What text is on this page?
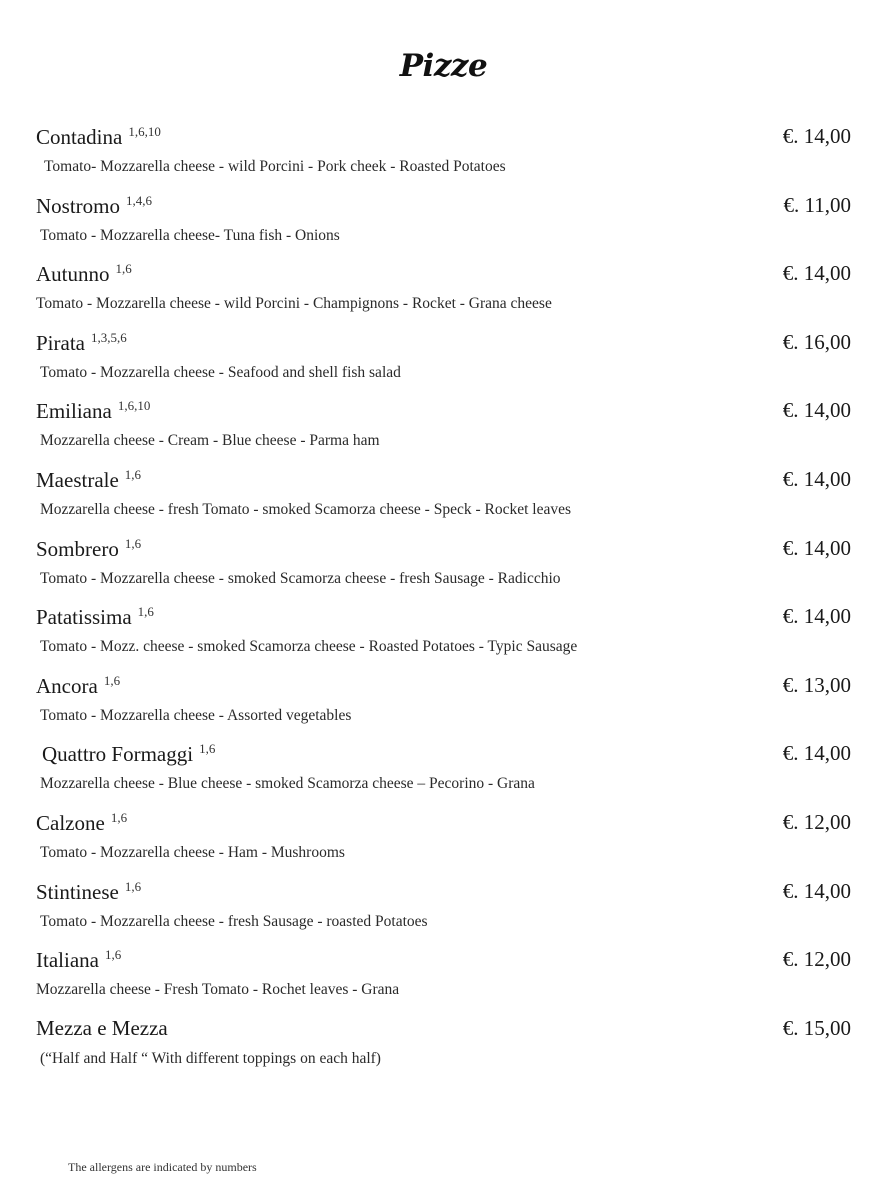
Pizze
Contadina $^{1,6,10}$	€. 14,00
Tomato- Mozzarella cheese - wild Porcini - Pork cheek - Roasted Potatoes
Nostromo $^{1,4,6}$	€. 11,00
Tomato - Mozzarella cheese- Tuna fish - Onions
Autunno $^{1,6}$	€. 14,00
Tomato - Mozzarella cheese - wild Porcini - Champignons - Rocket - Grana cheese
Pirata $^{1,3,5,6}$	€. 16,00
Tomato - Mozzarella cheese - Seafood and shell fish salad
Emiliana $^{1,6,10}$	€. 14,00
Mozzarella cheese - Cream - Blue cheese - Parma ham
Maestrale $^{1,6}$	€. 14,00
Mozzarella cheese - fresh Tomato - smoked Scamorza cheese - Speck - Rocket leaves
Sombrero $^{1,6}$	€. 14,00
Tomato - Mozzarella cheese - smoked Scamorza cheese - fresh Sausage - Radicchio
Patatissima $^{1,6}$	€. 14,00
Tomato - Mozz. cheese - smoked Scamorza cheese - Roasted Potatoes - Typic Sausage
Ancora $^{1,6}$	€. 13,00
Tomato - Mozzarella cheese - Assorted vegetables
Quattro Formaggi $^{1,6}$	€. 14,00
Mozzarella cheese - Blue cheese - smoked Scamorza cheese – Pecorino - Grana
Calzone $^{1,6}$	€. 12,00
Tomato - Mozzarella cheese - Ham - Mushrooms
Stintinese $^{1,6}$	€. 14,00
Tomato - Mozzarella cheese - fresh Sausage - roasted Potatoes
Italiana $^{1,6}$	€. 12,00
Mozzarella cheese - Fresh Tomato - Rochet leaves - Grana
Mezza e Mezza	€. 15,00
(“Half and Half “ With different toppings on each half)
The allergens are indicated by numbers
